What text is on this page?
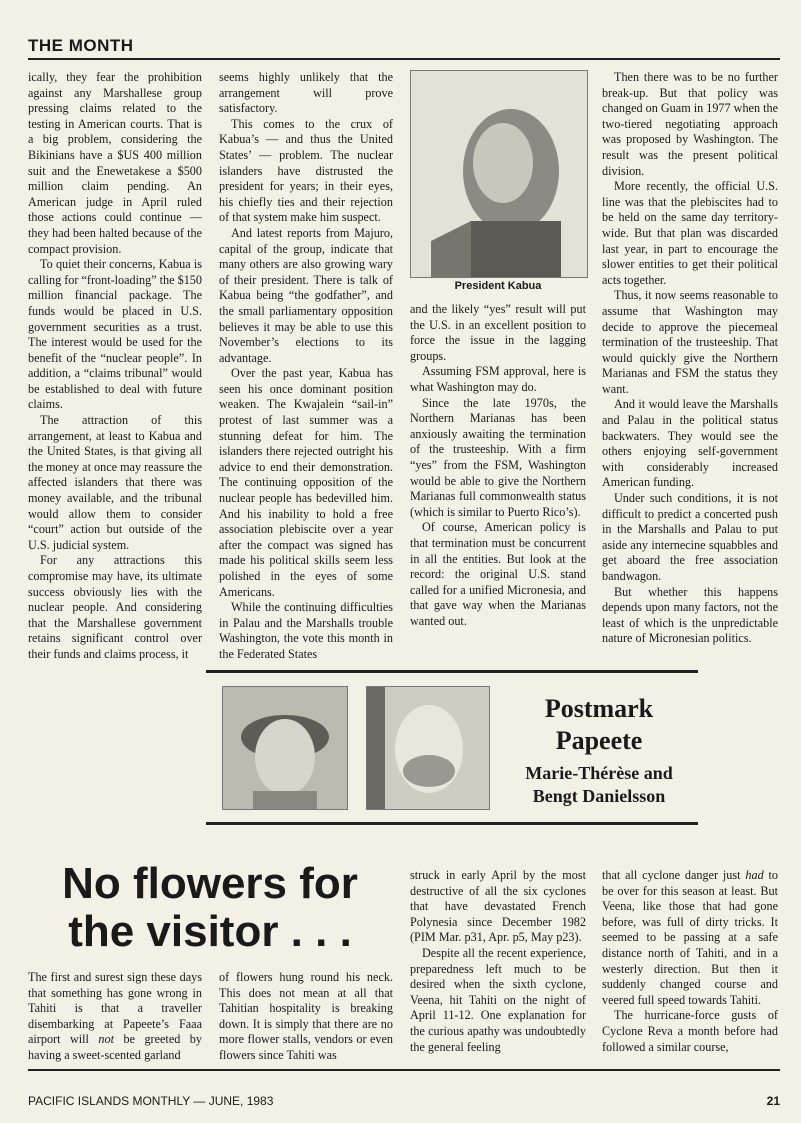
THE MONTH

ically, they fear the prohibition against any Marshallese group pressing claims related to the testing in American courts. That is a big problem, considering the Bikinians have a $US 400 million suit and the Enewetakese a $500 million claim pending. An American judge in April ruled those actions could continue — they had been halted because of the compact provision.

To quiet their concerns, Kabua is calling for “front-loading” the $150 million financial package. The funds would be placed in U.S. government securities as a trust. The interest would be used for the benefit of the “nuclear people”. In addition, a “claims tribunal” would be established to deal with future claims.

The attraction of this arrangement, at least to Kabua and the United States, is that giving all the money at once may reassure the affected islanders that there was money available, and the tribunal would allow them to consider “court” action but outside of the U.S. judicial system.

For any attractions this compromise may have, its ultimate success obviously lies with the nuclear people. And considering that the Marshallese government retains significant control over their funds and claims process, it

seems highly unlikely that the arrangement will prove satisfactory.

This comes to the crux of Kabua’s — and thus the United States’ — problem. The nuclear islanders have distrusted the president for years; in their eyes, his chiefly ties and their rejection of that system make him suspect.

And latest reports from Majuro, capital of the group, indicate that many others are also growing wary of their president. There is talk of Kabua being “the godfather”, and the small parliamentary opposition believes it may be able to use this November’s elections to its advantage.

Over the past year, Kabua has seen his once dominant position weaken. The Kwajalein “sail-in” protest of last summer was a stunning defeat for him. The islanders there rejected outright his advice to end their demonstration. The continuing opposition of the nuclear people has bedevilled him. And his inability to hold a free association plebiscite over a year after the compact was signed has made his political skills seem less polished in the eyes of some Americans.

While the continuing difficulties in Palau and the Marshalls trouble Washington, the vote this month in the Federated States

President Kabua

and the likely “yes” result will put the U.S. in an excellent position to force the issue in the lagging groups.

Assuming FSM approval, here is what Washington may do.

Since the late 1970s, the Northern Marianas has been anxiously awaiting the termination of the trusteeship. With a firm “yes” from the FSM, Washington would be able to give the Northern Marianas full commonwealth status (which is similar to Puerto Rico’s).

Of course, American policy is that termination must be concurrent in all the entities. But look at the record: the original U.S. stand called for a unified Micronesia, and that gave way when the Marianas wanted out.

Then there was to be no further break-up. But that policy was changed on Guam in 1977 when the two-tiered negotiating approach was proposed by Washington. The result was the present political division.

More recently, the official U.S. line was that the plebiscites had to be held on the same day territory-wide. But that plan was discarded last year, in part to encourage the slower entities to get their political acts together.

Thus, it now seems reasonable to assume that Washington may decide to approve the piecemeal termination of the trusteeship. That would quickly give the Northern Marianas and FSM the status they want.

And it would leave the Marshalls and Palau in the political status backwaters. They would see the others enjoying self-government with considerably increased American funding.

Under such conditions, it is not difficult to predict a concerted push in the Marshalls and Palau to put aside any internecine squabbles and get aboard the free association bandwagon.

But whether this happens depends upon many factors, not the least of which is the unpredictable nature of Micronesian politics.

Postmark
Papeete
Marie-Thérèse and
Bengt Danielsson
No flowers for
the visitor . . .

The first and surest sign these days that something has gone wrong in Tahiti is that a traveller disembarking at Papeete’s Faaa airport will not be greeted by having a sweet-scented garland

of flowers hung round his neck. This does not mean at all that Tahitian hospitality is breaking down. It is simply that there are no more flower stalls, vendors or even flowers since Tahiti was

struck in early April by the most destructive of all the six cyclones that have devastated French Polynesia since December 1982 (PIM Mar. p31, Apr. p5, May p23).

Despite all the recent experience, preparedness left much to be desired when the sixth cyclone, Veena, hit Tahiti on the night of April 11-12. One explanation for the curious apathy was undoubtedly the general feeling

that all cyclone danger just had to be over for this season at least. But Veena, like those that had gone before, was full of dirty tricks. It seemed to be passing at a safe distance north of Tahiti, and in a westerly direction. But then it suddenly changed course and veered full speed towards Tahiti.

The hurricane-force gusts of Cyclone Reva a month before had followed a similar course,

PACIFIC ISLANDS MONTHLY — JUNE, 1983	21
